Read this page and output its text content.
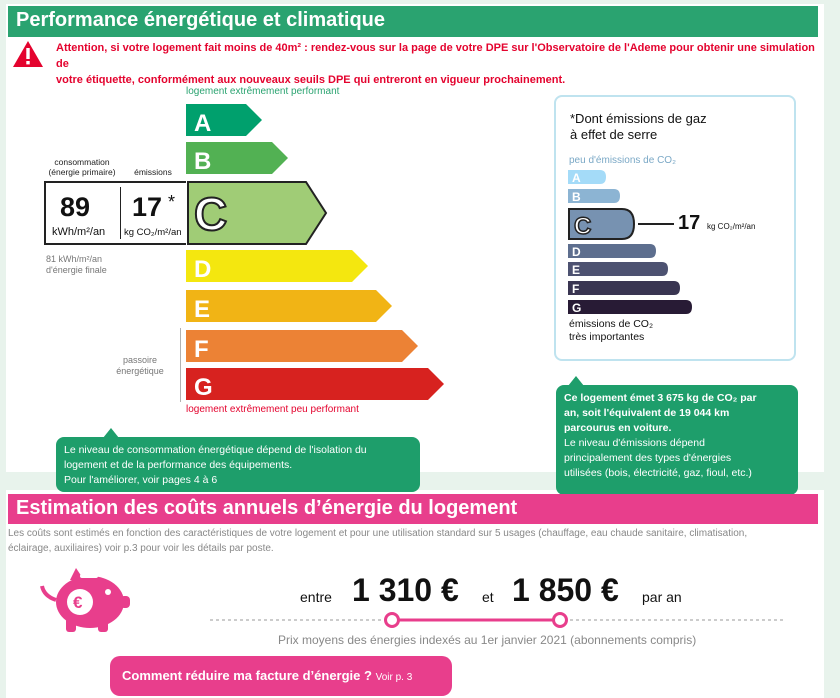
Performance énergétique et climatique
Attention, si votre logement fait moins de 40m² : rendez-vous sur la page de votre DPE sur l'Observatoire de l'Ademe pour obtenir une simulation de
votre étiquette, conformément aux nouveaux seuils DPE qui entreront en vigueur prochainement.
logement extrêmement performant
logement extrêmement peu performant
A
B
C
D
E
F
G
consommation
(énergie primaire)	émissions
89
kWh/m²/an
17 *
kg CO₂/m²/an
81 kWh/m²/an
d'énergie finale
passoire
énergétique
*Dont émissions de gaz
à effet de serre
peu d'émissions de CO₂
A
B
C
D
E
F
G
17 kg CO₂/m²/an
émissions de CO₂
très importantes
Le niveau de consommation énergétique dépend de l'isolation du
logement et de la performance des équipements.
Pour l'améliorer, voir pages 4 à 6
Ce logement émet 3 675 kg de CO₂ par
an, soit l'équivalent de 19 044 km
parcourus en voiture.
Le niveau d'émissions dépend
principalement des types d'énergies
utilisées (bois, électricité, gaz, fioul, etc.)
Estimation des coûts annuels d’énergie du logement
Les coûts sont estimés en fonction des caractéristiques de votre logement et pour une utilisation standard sur 5 usages (chauffage, eau chaude sanitaire, climatisation,
éclairage, auxiliaires) voir p.3 pour voir les détails par poste.
€	entre 1 310 € et 1 850 € par an
Prix moyens des énergies indexés au 1er janvier 2021 (abonnements compris)
Comment réduire ma facture d’énergie ? Voir p. 3
